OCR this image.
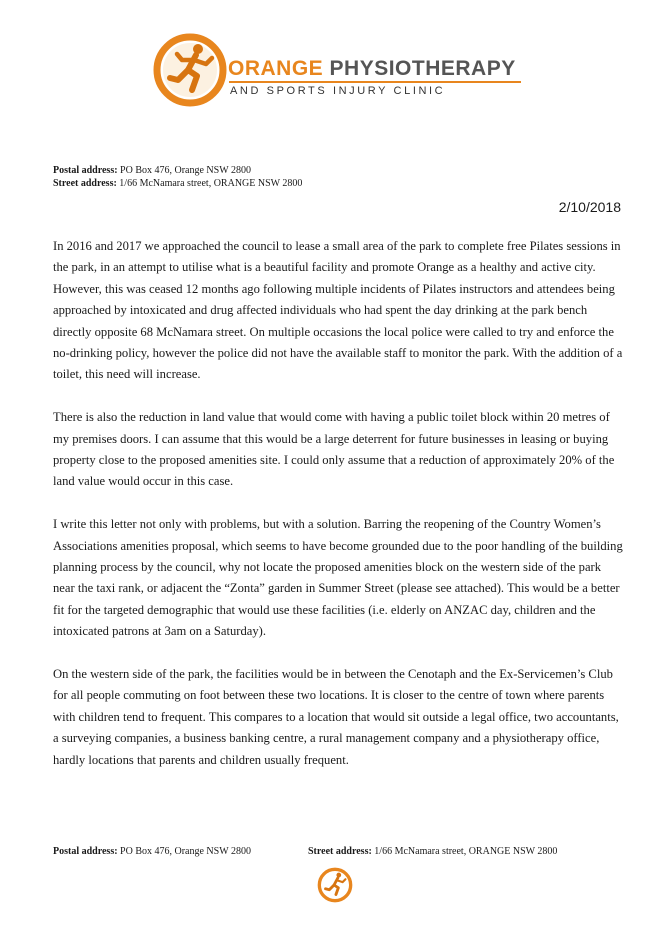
ORANGE PHYSIOTHERAPY
AND SPORTS INJURY CLINIC
Postal address: PO Box 476, Orange NSW 2800
Street address: 1/66 McNamara street, ORANGE NSW 2800
2/10/2018

In 2016 and 2017 we approached the council to lease a small area of the park to complete free Pilates sessions in the park, in an attempt to utilise what is a beautiful facility and promote Orange as a healthy and active city. However, this was ceased 12 months ago following multiple incidents of Pilates instructors and attendees being approached by intoxicated and drug affected individuals who had spent the day drinking at the park bench directly opposite 68 McNamara street. On multiple occasions the local police were called to try and enforce the no-drinking policy, however the police did not have the available staff to monitor the park. With the addition of a toilet, this need will increase.

There is also the reduction in land value that would come with having a public toilet block within 20 metres of my premises doors. I can assume that this would be a large deterrent for future businesses in leasing or buying property close to the proposed amenities site. I could only assume that a reduction of approximately 20% of the land value would occur in this case.

I write this letter not only with problems, but with a solution. Barring the reopening of the Country Women’s Associations amenities proposal, which seems to have become grounded due to the poor handling of the building planning process by the council, why not locate the proposed amenities block on the western side of the park near the taxi rank, or adjacent the “Zonta” garden in Summer Street (please see attached). This would be a better fit for the targeted demographic that would use these facilities (i.e. elderly on ANZAC day, children and the intoxicated patrons at 3am on a Saturday).

On the western side of the park, the facilities would be in between the Cenotaph and the Ex-Servicemen’s Club for all people commuting on foot between these two locations. It is closer to the centre of town where parents with children tend to frequent. This compares to a location that would sit outside a legal office, two accountants, a surveying companies, a business banking centre, a rural management company and a physiotherapy office, hardly locations that parents and children usually frequent.

Postal address: PO Box 476, Orange NSW 2800	Street address: 1/66 McNamara street, ORANGE NSW 2800
